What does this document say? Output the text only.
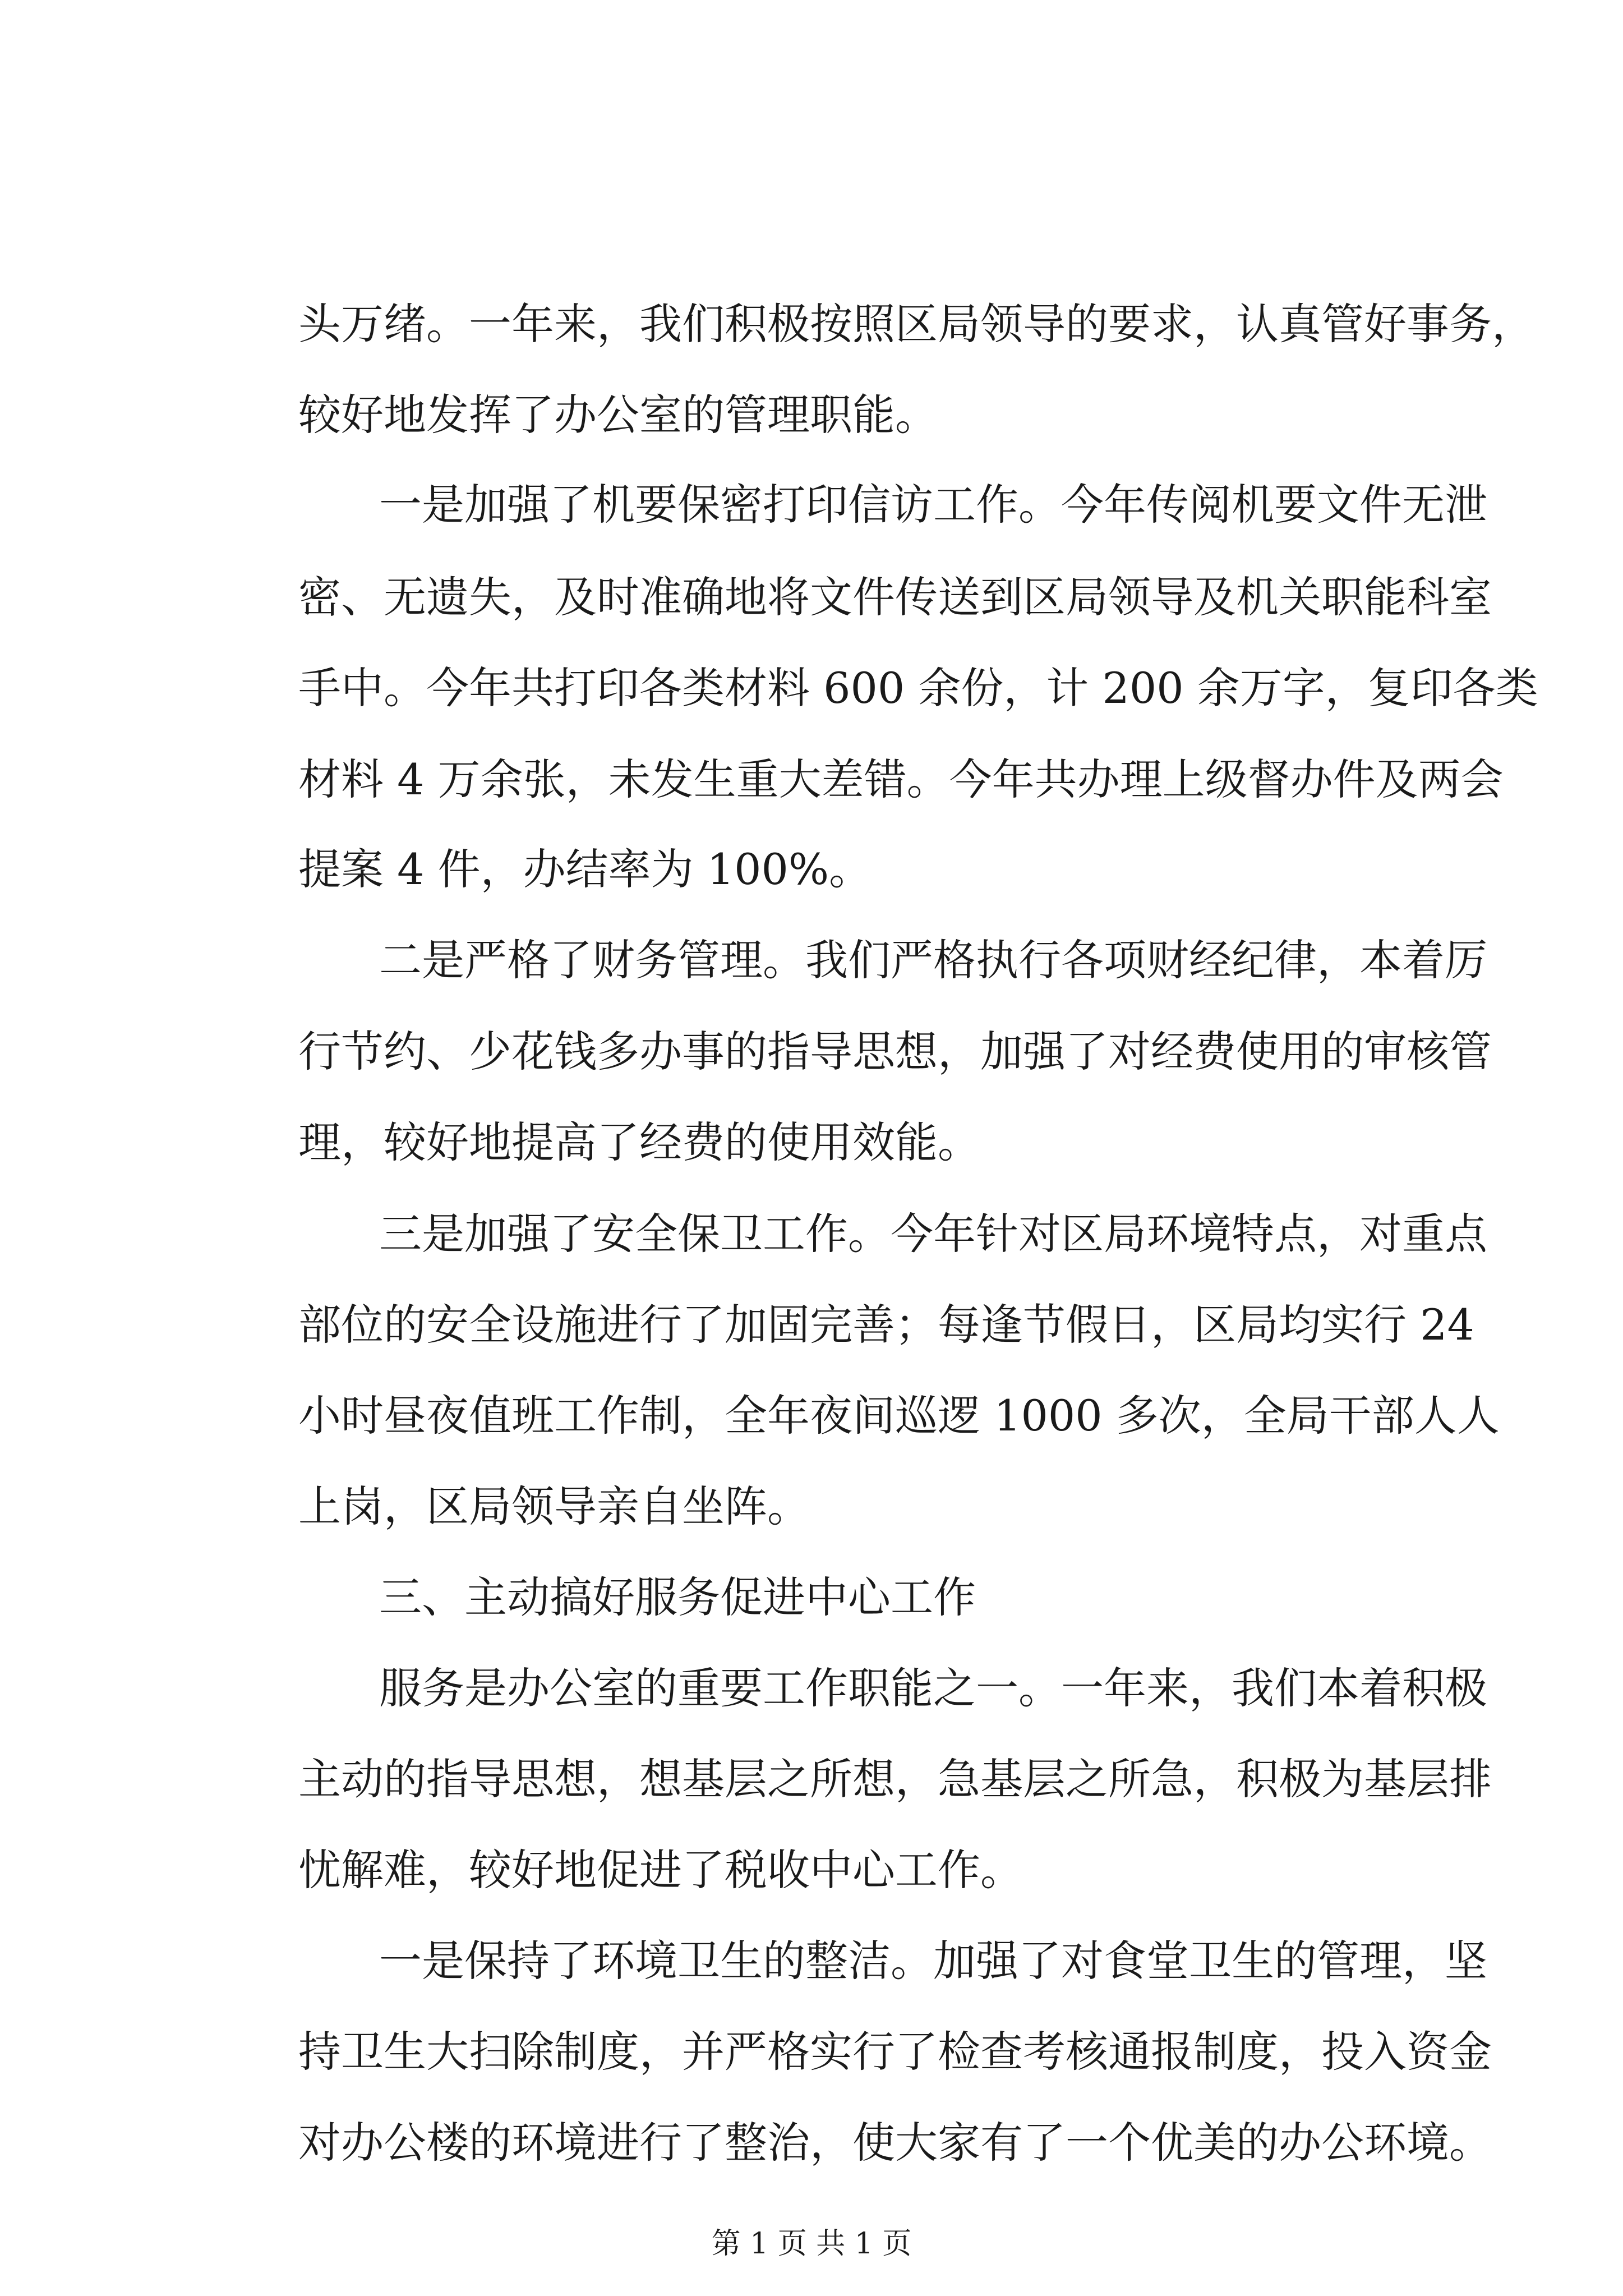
头万绪。一年来，我们积极按照区局领导的要求，认真管好事务，
较好地发挥了办公室的管理职能。
一是加强了机要保密打印信访工作。今年传阅机要文件无泄
密、无遗失，及时准确地将文件传送到区局领导及机关职能科室
手中。今年共打印各类材料 600 余份，计 200 余万字，复印各类
材料 4 万余张，未发生重大差错。今年共办理上级督办件及两会
提案 4 件，办结率为 100%。
二是严格了财务管理。我们严格执行各项财经纪律，本着厉
行节约、少花钱多办事的指导思想，加强了对经费使用的审核管
理，较好地提高了经费的使用效能。
三是加强了安全保卫工作。今年针对区局环境特点，对重点
部位的安全设施进行了加固完善；每逢节假日，区局均实行 24
小时昼夜值班工作制，全年夜间巡逻 1000 多次，全局干部人人
上岗，区局领导亲自坐阵。
三、主动搞好服务促进中心工作
服务是办公室的重要工作职能之一。一年来，我们本着积极
主动的指导思想，想基层之所想，急基层之所急，积极为基层排
忧解难，较好地促进了税收中心工作。
一是保持了环境卫生的整洁。加强了对食堂卫生的管理，坚
持卫生大扫除制度，并严格实行了检查考核通报制度，投入资金
对办公楼的环境进行了整治，使大家有了一个优美的办公环境。
第 1 页 共 1 页
